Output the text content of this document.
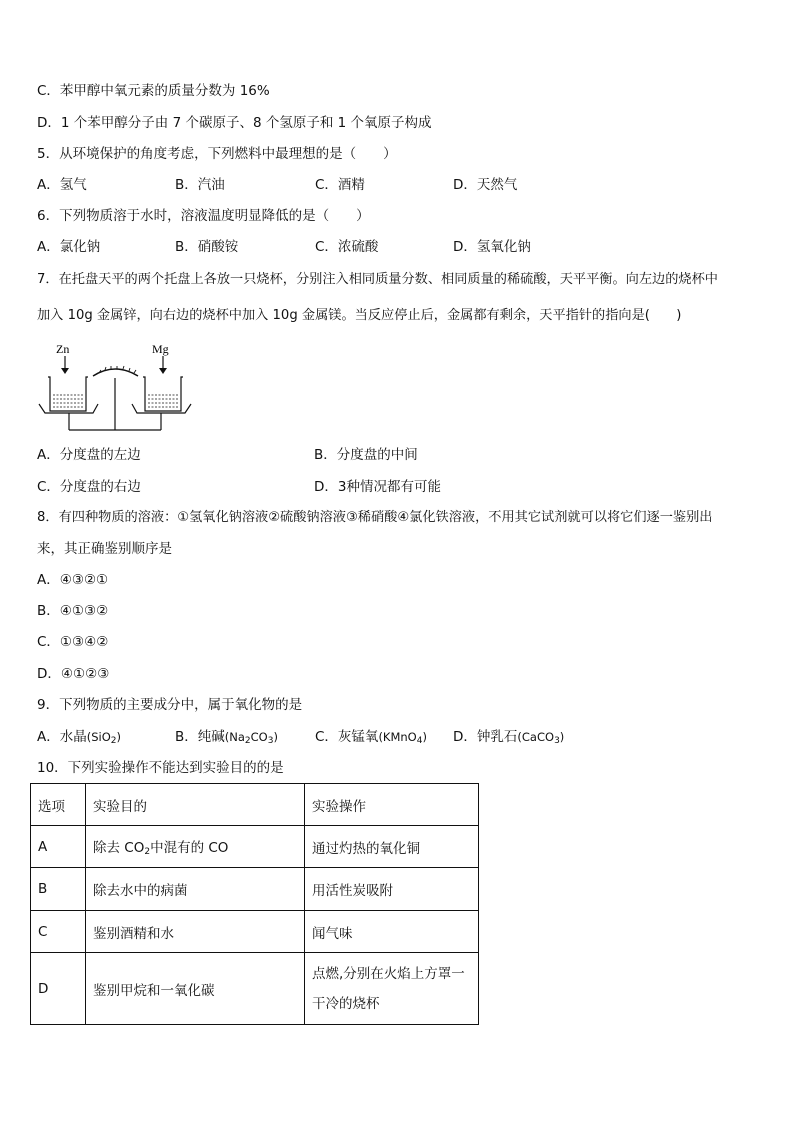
C．苯甲醇中氧元素的质量分数为 16%
D．1 个苯甲醇分子由 7 个碳原子、8 个氢原子和 1 个氧原子构成
5．从环境保护的角度考虑，下列燃料中最理想的是（　　）
A．氢气	B．汽油	C．酒精	D．天然气
6．下列物质溶于水时，溶液温度明显降低的是（　　）
A．氯化钠	B．硝酸铵	C．浓硫酸	D．氢氧化钠
7．在托盘天平的两个托盘上各放一只烧杯，分别注入相同质量分数、相同质量的稀硫酸，天平平衡。向左边的烧杯中
加入 10g 金属锌，向右边的烧杯中加入 10g 金属镁。当反应停止后，金属都有剩余，天平指针的指向是(　　)
Zn	Mg
A．分度盘的左边	B．分度盘的中间
C．分度盘的右边	D．3种情况都有可能
8．有四种物质的溶液：①氢氧化钠溶液②硫酸钠溶液③稀硝酸④氯化铁溶液，不用其它试剂就可以将它们逐一鉴别出
来，其正确鉴别顺序是
A．④③②①
B．④①③②
C．①③④②
D．④①②③
9．下列物质的主要成分中，属于氧化物的是
A．水晶(SiO$_2$)	B．纯碱$(Na_2CO_3)$	C．灰锰氧(KMnO$_4$) D．钟乳石(CaCO$_3$)
10．下列实验操作不能达到实验目的的是
选项	实验目的	实验操作
A	除去 $CO_2$中混有的 CO	通过灼热的氧化铜
B	除去水中的病菌	用活性炭吸附
C	鉴别酒精和水	闻气味
D	鉴别甲烷和一氧化碳	点燃,分别在火焰上方罩一
干冷的烧杯
